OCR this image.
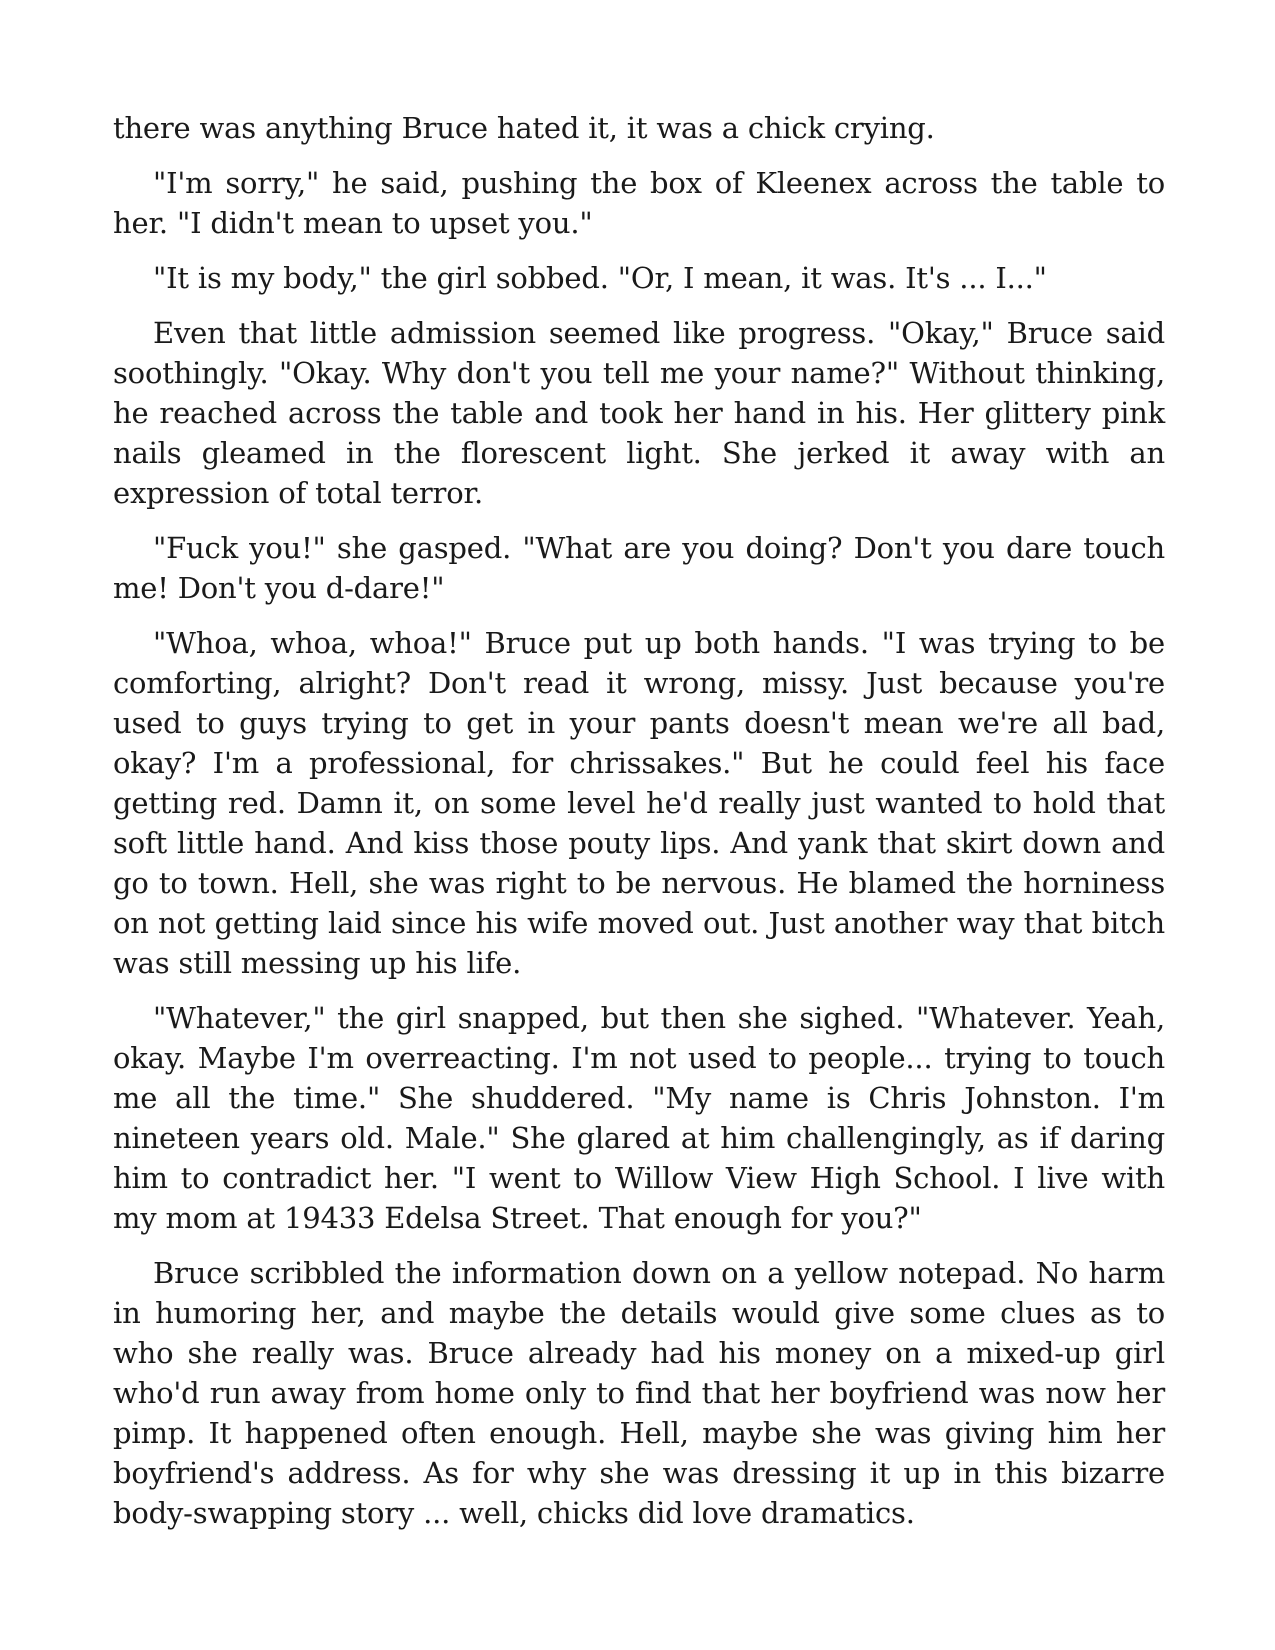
there was anything Bruce hated it, it was a chick crying.

"I'm sorry," he said, pushing the box of Kleenex across the table to her. "I didn't mean to upset you."

"It is my body," the girl sobbed. "Or, I mean, it was. It's ... I..."

Even that little admission seemed like progress. "Okay," Bruce said soothingly. "Okay. Why don't you tell me your name?" Without thinking, he reached across the table and took her hand in his. Her glittery pink nails gleamed in the florescent light. She jerked it away with an expression of total terror.

"Fuck you!" she gasped. "What are you doing? Don't you dare touch me! Don't you d-dare!"

"Whoa, whoa, whoa!" Bruce put up both hands. "I was trying to be comforting, alright? Don't read it wrong, missy. Just because you're used to guys trying to get in your pants doesn't mean we're all bad, okay? I'm a professional, for chrissakes." But he could feel his face getting red. Damn it, on some level he'd really just wanted to hold that soft little hand. And kiss those pouty lips. And yank that skirt down and go to town. Hell, she was right to be nervous. He blamed the horniness on not getting laid since his wife moved out. Just another way that bitch was still messing up his life.

"Whatever," the girl snapped, but then she sighed. "Whatever. Yeah, okay. Maybe I'm overreacting. I'm not used to people... trying to touch me all the time." She shuddered. "My name is Chris Johnston. I'm nineteen years old. Male." She glared at him challengingly, as if daring him to contradict her. "I went to Willow View High School. I live with my mom at 19433 Edelsa Street. That enough for you?"

Bruce scribbled the information down on a yellow notepad. No harm in humoring her, and maybe the details would give some clues as to who she really was. Bruce already had his money on a mixed-up girl who'd run away from home only to find that her boyfriend was now her pimp. It happened often enough. Hell, maybe she was giving him her boyfriend's address. As for why she was dressing it up in this bizarre body-swapping story ... well, chicks did love dramatics.
